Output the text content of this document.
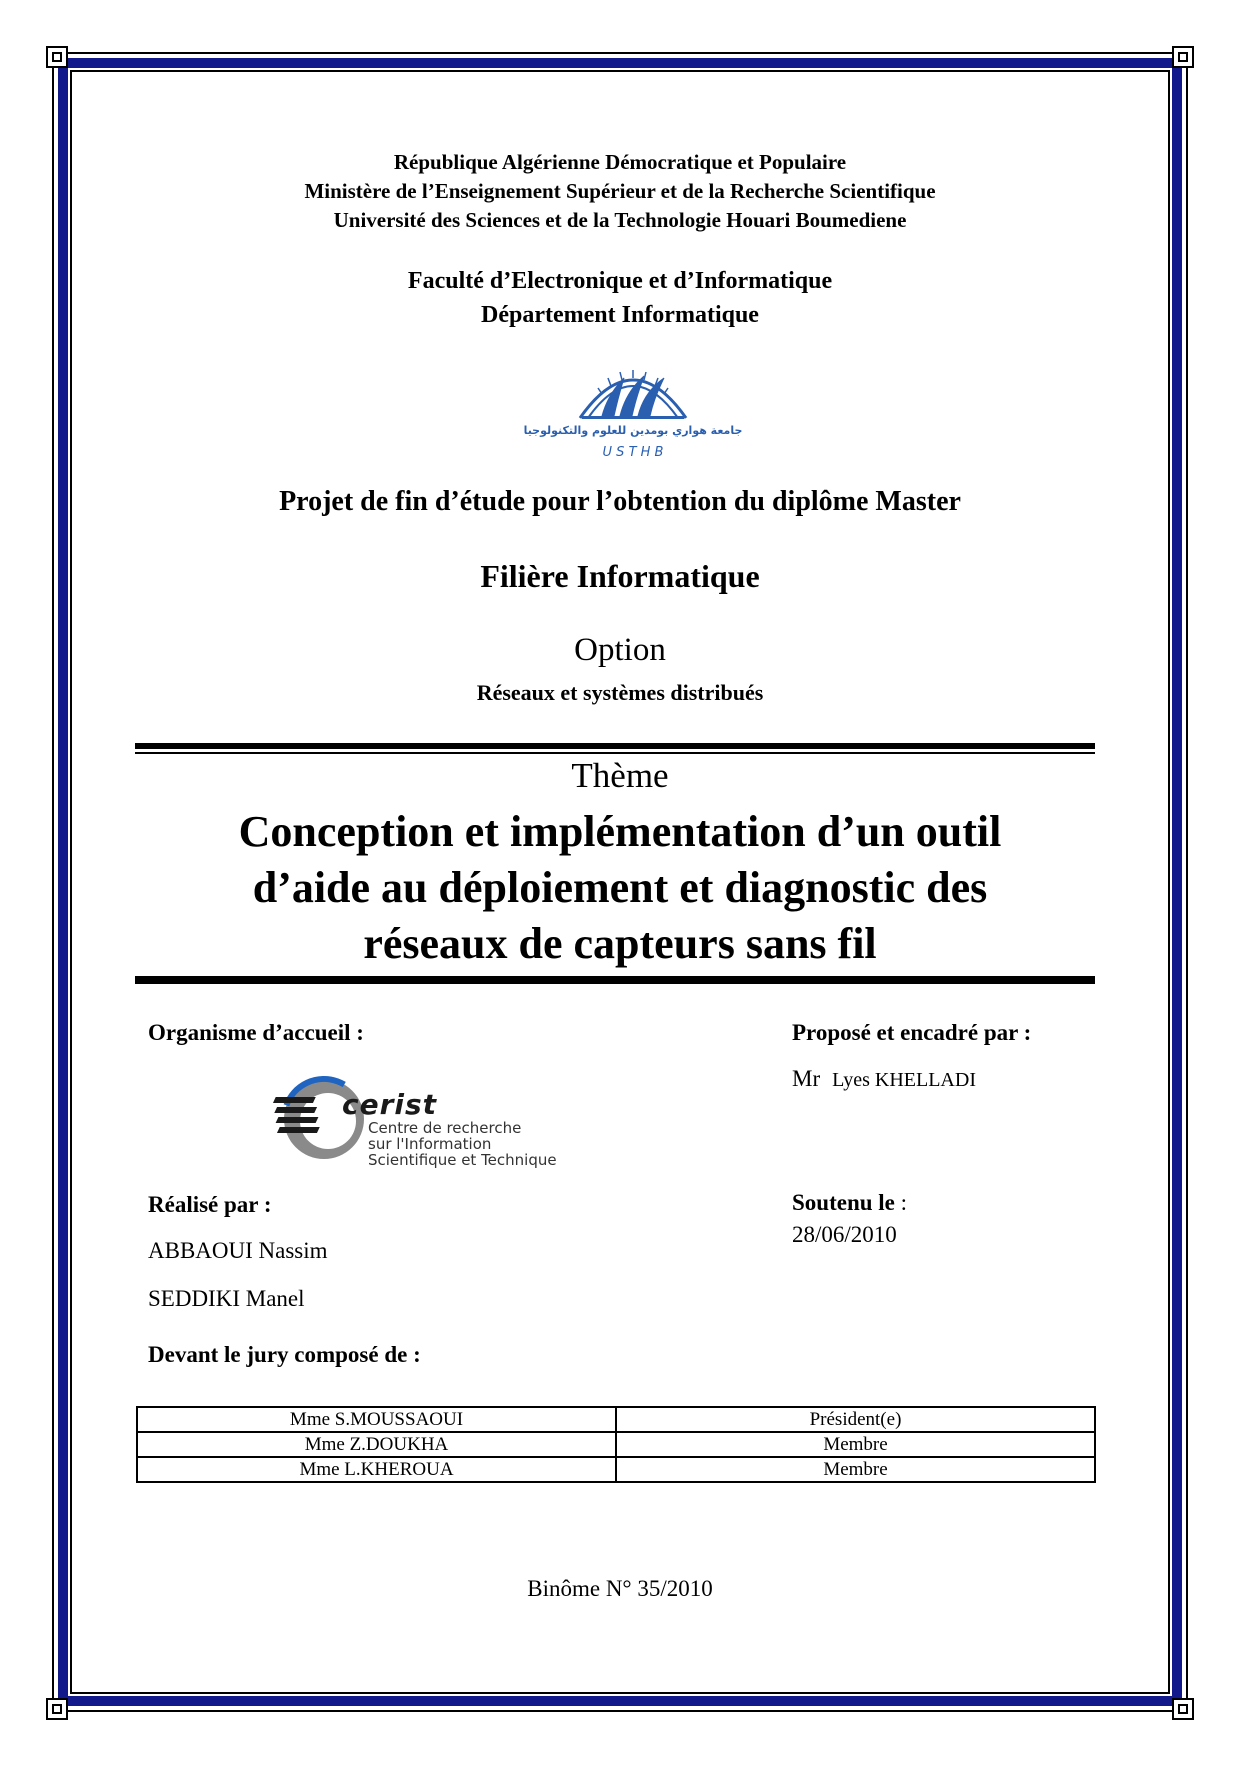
République Algérienne Démocratique et Populaire
Ministère de l’Enseignement Supérieur et de la Recherche Scientifique
Université des Sciences et de la Technologie Houari Boumediene
Faculté d’Electronique et d’Informatique
Département Informatique
جامعة هواري بومدين للعلوم والتكنولوجيا
U S T H B
Projet de fin d’étude pour l’obtention du diplôme Master
Filière Informatique
Option
Réseaux et systèmes distribués
Thème
Conception et implémentation d’un outil
d’aide au déploiement et diagnostic des
réseaux de capteurs sans fil
Organisme d’accueil :
cerist
Centre de recherche
sur l'Information
Scientifique et Technique
Proposé et encadré par :
Mr Lyes KHELLADI
Réalisé par :
ABBAOUI Nassim
SEDDIKI Manel
Soutenu le :
28/06/2010
Devant le jury composé de :
Mme S.MOUSSAOUI	Président(e)
Mme Z.DOUKHA	Membre
Mme L.KHEROUA	Membre
Binôme N° 35/2010
